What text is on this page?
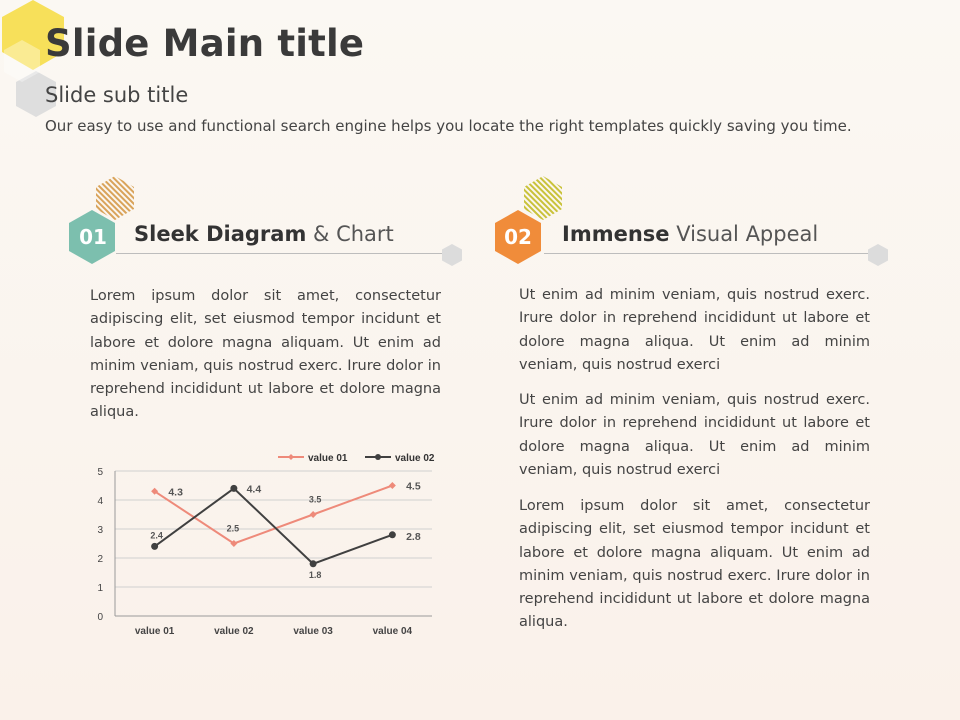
Slide Main title
Slide sub title
Our easy to use and functional search engine helps you locate the right templates quickly saving you time.
01	Sleek Diagram & Chart
Lorem ipsum dolor sit amet, consectetur adipiscing elit, set eiusmod tempor incidunt et labore et dolore magna aliquam. Ut enim ad minim veniam, quis nostrud exerc. Irure dolor in reprehend incididunt ut labore et dolore magna aliqua.
0
1
2
3
4
5
value 01	value 02	value 03	value 04
4.3
2.5
3.5
4.5
2.4
4.4
1.8
2.8
value 01	value 02
02	Immense Visual Appeal
Ut enim ad minim veniam, quis nostrud exerc. Irure dolor in reprehend incididunt ut labore et dolore magna aliqua. Ut enim ad minim veniam, quis nostrud exerci
Ut enim ad minim veniam, quis nostrud exerc. Irure dolor in reprehend incididunt ut labore et dolore magna aliqua. Ut enim ad minim veniam, quis nostrud exerci
Lorem ipsum dolor sit amet, consectetur adipiscing elit, set eiusmod tempor incidunt et labore et dolore magna aliquam. Ut enim ad minim veniam, quis nostrud exerc. Irure dolor in reprehend incididunt ut labore et dolore magna aliqua.
